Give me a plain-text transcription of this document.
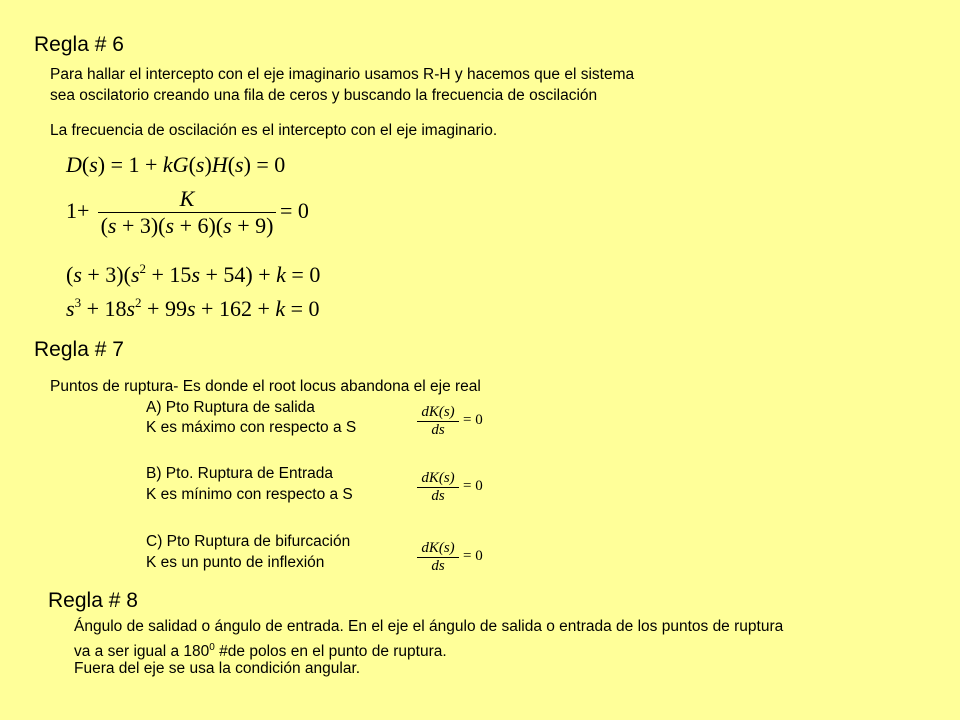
Regla # 6
Para hallar el intercepto con el eje imaginario usamos R-H y hacemos que el sistema
sea oscilatorio creando una fila de ceros y buscando la frecuencia de oscilación
La frecuencia de oscilación es el intercepto con el eje imaginario.
D(s) = 1 + kG(s)H(s) = 0
1+	K
(s + 3)(s + 6)(s + 9)
= 0
$(s + 3)(s^2 + 15s + 54) + k = 0$
$s^3 + 18s^2 + 99s + 162 + k = 0$
Regla # 7
Puntos de ruptura- Es donde el root locus abandona el eje real
A) Pto Ruptura de salida
K es máximo con respecto a S
B) Pto. Ruptura de Entrada
K es mínimo con respecto a S
C) Pto Ruptura de bifurcación
K es un punto de inflexión
dK(s)
ds
= 0
dK(s)
ds
= 0
dK(s)
ds
= 0
Regla # 8
Ángulo de salidad o ángulo de entrada. En el eje el ángulo de salida o entrada de los puntos de ruptura
va a ser igual a $180^0$ #de polos en el punto de ruptura.
Fuera del eje se usa la condición angular.
